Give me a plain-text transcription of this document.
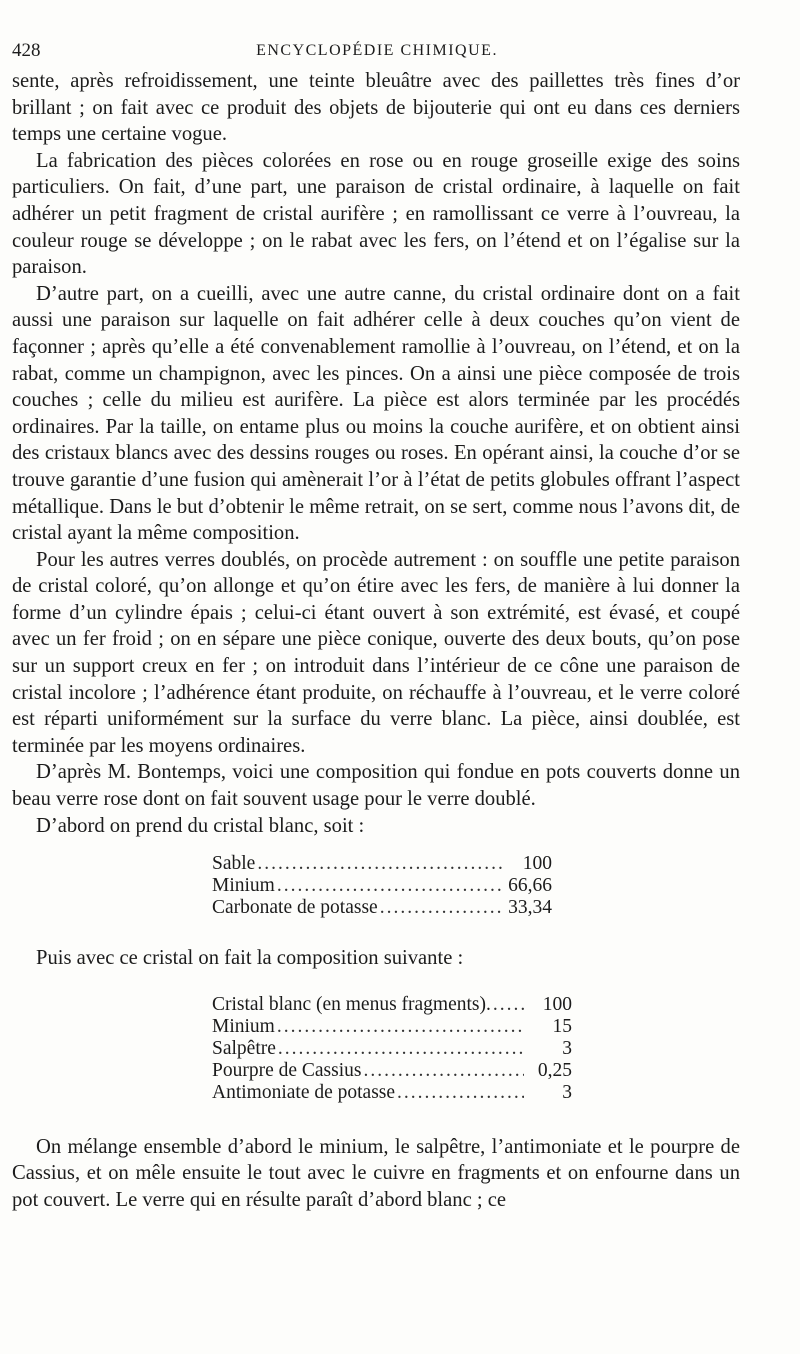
428	ENCYCLOPÉDIE CHIMIQUE.

sente, après refroidissement, une teinte bleuâtre avec des paillettes très fines d’or brillant ; on fait avec ce produit des objets de bijouterie qui ont eu dans ces derniers temps une certaine vogue.

La fabrication des pièces colorées en rose ou en rouge groseille exige des soins particuliers. On fait, d’une part, une paraison de cristal ordinaire, à laquelle on fait adhérer un petit fragment de cristal aurifère ; en ramollissant ce verre à l’ouvreau, la couleur rouge se développe ; on le rabat avec les fers, on l’étend et on l’égalise sur la paraison.

D’autre part, on a cueilli, avec une autre canne, du cristal ordinaire dont on a fait aussi une paraison sur laquelle on fait adhérer celle à deux couches qu’on vient de façonner ; après qu’elle a été convenablement ramollie à l’ouvreau, on l’étend, et on la rabat, comme un champignon, avec les pinces. On a ainsi une pièce composée de trois couches ; celle du milieu est aurifère. La pièce est alors terminée par les procédés ordinaires. Par la taille, on entame plus ou moins la couche aurifère, et on obtient ainsi des cristaux blancs avec des dessins rouges ou roses. En opérant ainsi, la couche d’or se trouve garantie d’une fusion qui amènerait l’or à l’état de petits globules offrant l’aspect métallique. Dans le but d’obtenir le même retrait, on se sert, comme nous l’avons dit, de cristal ayant la même composition.

Pour les autres verres doublés, on procède autrement : on souffle une petite paraison de cristal coloré, qu’on allonge et qu’on étire avec les fers, de manière à lui donner la forme d’un cylindre épais ; celui-ci étant ouvert à son extrémité, est évasé, et coupé avec un fer froid ; on en sépare une pièce conique, ouverte des deux bouts, qu’on pose sur un support creux en fer ; on introduit dans l’intérieur de ce cône une paraison de cristal incolore ; l’adhérence étant produite, on réchauffe à l’ouvreau, et le verre coloré est réparti uniformément sur la surface du verre blanc. La pièce, ainsi doublée, est terminée par les moyens ordinaires.

D’après M. Bontemps, voici une composition qui fondue en pots couverts donne un beau verre rose dont on fait souvent usage pour le verre doublé.

D’abord on prend du cristal blanc, soit :

Sable .....	100
Minium .....	66,66
Carbonate de potasse .....	33,34

Puis avec ce cristal on fait la composition suivante :

Cristal blanc (en menus fragments). .....	100
Minium .....	15
Salpêtre .....	3
Pourpre de Cassius .....	0,25
Antimoniate de potasse .....	3

On mélange ensemble d’abord le minium, le salpêtre, l’antimoniate et le pourpre de Cassius, et on mêle ensuite le tout avec le cuivre en fragments et on enfourne dans un pot couvert. Le verre qui en résulte paraît d’abord blanc ; ce
